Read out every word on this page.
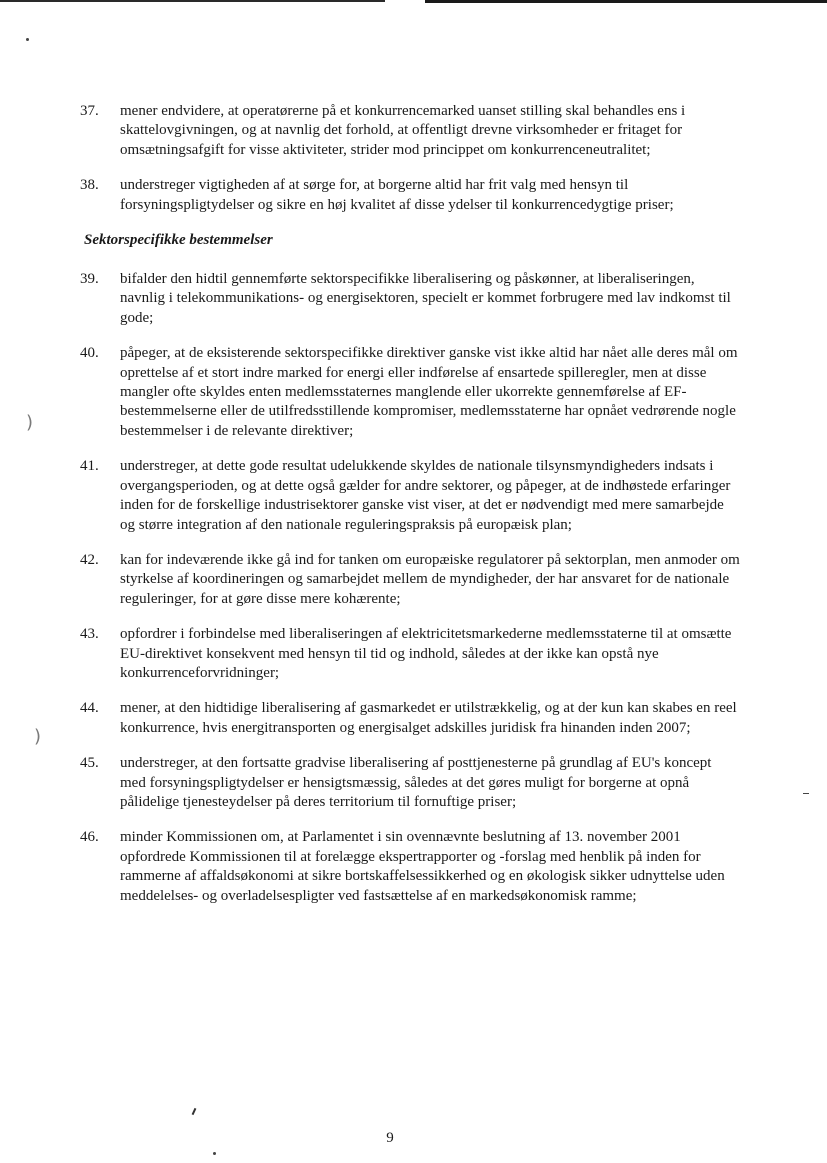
)
)
37.	mener endvidere, at operatørerne på et konkurrencemarked uanset stilling skal behandles ens i skattelovgivningen, og at navnlig det forhold, at offentligt drevne virksomheder er fritaget for omsætningsafgift for visse aktiviteter, strider mod princippet om konkurrenceneutralitet;
38.	understreger vigtigheden af at sørge for, at borgerne altid har frit valg med hensyn til forsyningspligtydelser og sikre en høj kvalitet af disse ydelser til konkurrencedygtige priser;
Sektorspecifikke bestemmelser
39.	bifalder den hidtil gennemførte sektorspecifikke liberalisering og påskønner, at liberaliseringen, navnlig i telekommunikations- og energisektoren, specielt er kommet forbrugere med lav indkomst til gode;
40.	påpeger, at de eksisterende sektorspecifikke direktiver ganske vist ikke altid har nået alle deres mål om oprettelse af et stort indre marked for energi eller indførelse af ensartede spilleregler, men at disse mangler ofte skyldes enten medlemsstaternes manglende eller ukorrekte gennemførelse af EF-bestemmelserne eller de utilfredsstillende kompromiser, medlemsstaterne har opnået vedrørende nogle bestemmelser i de relevante direktiver;
41.	understreger, at dette gode resultat udelukkende skyldes de nationale tilsynsmyndigheders indsats i overgangsperioden, og at dette også gælder for andre sektorer, og påpeger, at de indhøstede erfaringer inden for de forskellige industrisektorer ganske vist viser, at det er nødvendigt med mere samarbejde og større integration af den nationale reguleringspraksis på europæisk plan;
42.	kan for indeværende ikke gå ind for tanken om europæiske regulatorer på sektorplan, men anmoder om styrkelse af koordineringen og samarbejdet mellem de myndigheder, der har ansvaret for de nationale reguleringer, for at gøre disse mere kohærente;
43.	opfordrer i forbindelse med liberaliseringen af elektricitetsmarkederne medlemsstaterne til at omsætte EU-direktivet konsekvent med hensyn til tid og indhold, således at der ikke kan opstå nye konkurrenceforvridninger;
44.	mener, at den hidtidige liberalisering af gasmarkedet er utilstrækkelig, og at der kun kan skabes en reel konkurrence, hvis energitransporten og energisalget adskilles juridisk fra hinanden inden 2007;
45.	understreger, at den fortsatte gradvise liberalisering af posttjenesterne på grundlag af EU's koncept med forsyningspligtydelser er hensigtsmæssig, således at det gøres muligt for borgerne at opnå pålidelige tjenesteydelser på deres territorium til fornuftige priser;
46.	minder Kommissionen om, at Parlamentet i sin ovennævnte beslutning af 13. november 2001 opfordrede Kommissionen til at forelægge ekspertrapporter og -forslag med henblik på inden for rammerne af affaldsøkonomi at sikre bortskaffelsessikkerhed og en økologisk sikker udnyttelse uden meddelelses- og overladelsespligter ved fastsættelse af en markedsøkonomisk ramme;
9
